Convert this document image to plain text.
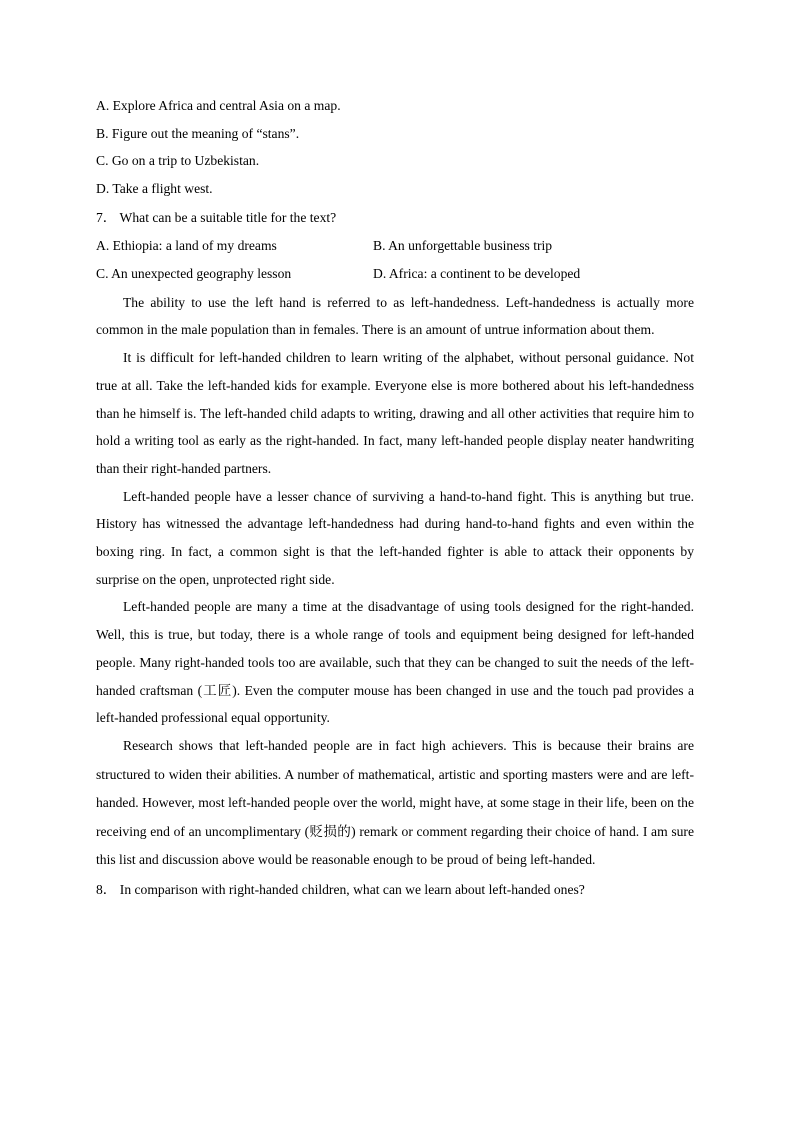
A. Explore Africa and central Asia on a map.
B. Figure out the meaning of “stans”.
C. Go on a trip to Uzbekistan.
D. Take a flight west.
7． What can be a suitable title for the text?
A. Ethiopia: a land of my dreams	B. An unforgettable business trip
C. An unexpected geography lesson	D. Africa: a continent to be developed

The ability to use the left hand is referred to as left-handedness. Left-handedness is actually more common in the male population than in females. There is an amount of untrue information about them.

It is difficult for left-handed children to learn writing of the alphabet, without personal guidance. Not true at all. Take the left-handed kids for example. Everyone else is more bothered about his left-handedness than he himself is. The left-handed child adapts to writing, drawing and all other activities that require him to hold a writing tool as early as the right-handed. In fact, many left-handed people display neater handwriting than their right-handed partners.

Left-handed people have a lesser chance of surviving a hand-to-hand fight. This is anything but true. History has witnessed the advantage left-handedness had during hand-to-hand fights and even within the boxing ring. In fact, a common sight is that the left-handed fighter is able to attack their opponents by surprise on the open, unprotected right side.

Left-handed people are many a time at the disadvantage of using tools designed for the right-handed. Well, this is true, but today, there is a whole range of tools and equipment being designed for left-handed people. Many right-handed tools too are available, such that they can be changed to suit the needs of the left-handed craftsman (工匠). Even the computer mouse has been changed in use and the touch pad provides a left-handed professional equal opportunity.

Research shows that left-handed people are in fact high achievers. This is because their brains are structured to widen their abilities. A number of mathematical, artistic and sporting masters were and are left-handed. However, most left-handed people over the world, might have, at some stage in their life, been on the receiving end of an uncomplimentary (贬损的) remark or comment regarding their choice of hand. I am sure this list and discussion above would be reasonable enough to be proud of being left-handed.

8． In comparison with right-handed children, what can we learn about left-handed ones?
